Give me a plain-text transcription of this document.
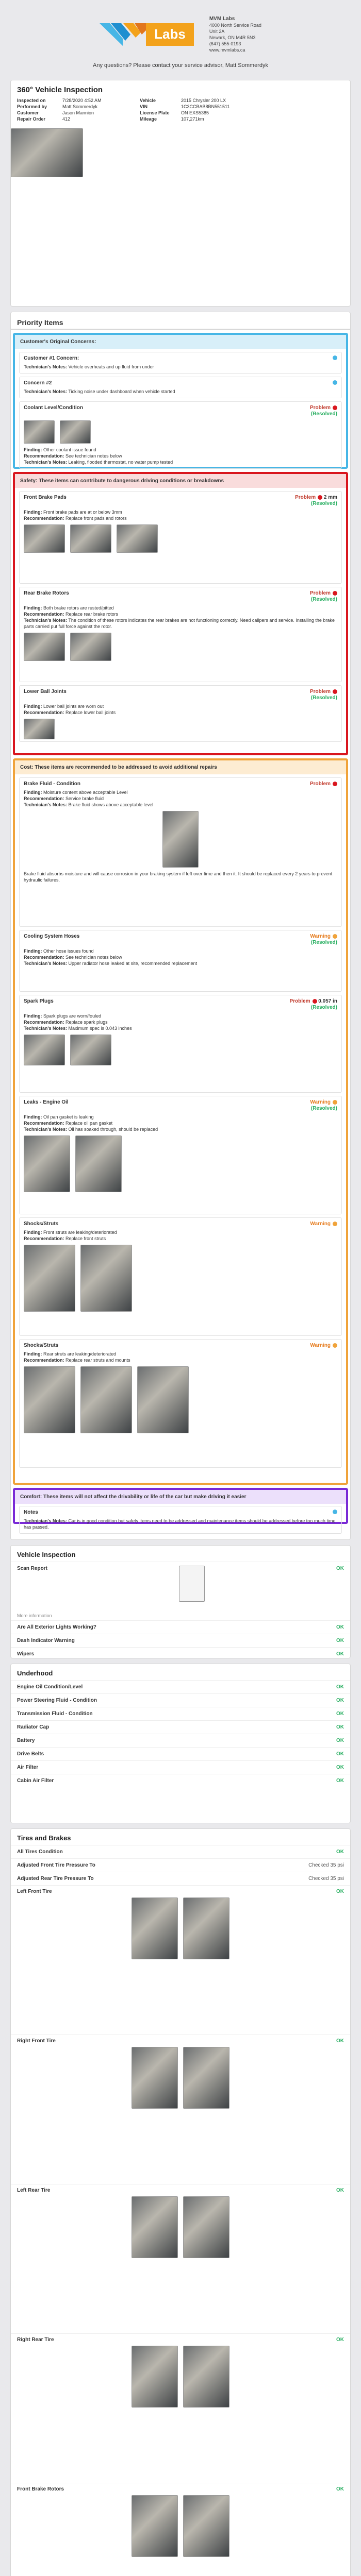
Labs
MVM Labs
4000 North Service Road
Unit 2A
Newark, ON M4R 5N3
(647) 555-0193
www.mvmlabs.ca
Any questions? Please contact your service advisor, Matt Sommerdyk
360° Vehicle Inspection
Inspected on	7/28/2020 4:52 AM	Vehicle	2015 Chrysler 200 LX
Performed by	Matt Sommerdyk	VIN	1C3CCBAB8BN551511
Customer	Jason Mannion	License Plate	ON EXS5385
Repair Order	412	Mileage	107,271km
Priority Items
Customer's Original Concerns:
Customer #1 Concern:
Technician's Notes: Vehicle overheats and up fluid from under
Concern #2
Technician's Notes: Ticking noise under dashboard when vehicle started
Coolant Level/Condition	Problem
(Resolved)
Finding: Other coolant issue found
Recommendation: See technician notes below
Technician's Notes: Leaking, flooded thermostat, no water pump tested
Safety: These items can contribute to dangerous driving conditions or breakdowns
Front Brake Pads	Problem 2 mm
(Resolved)
Finding: Front brake pads are at or below 3mm
Recommendation: Replace front pads and rotors
Rear Brake Rotors	Problem
(Resolved)
Finding: Both brake rotors are rusted/pitted
Recommendation: Replace rear brake rotors
Technician's Notes: The condition of these rotors indicates the rear brakes are not functioning correctly. Need calipers and service. Installing the brake parts carried put full force against the rotor.
Lower Ball Joints	Problem
(Resolved)
Finding: Lower ball joints are worn out
Recommendation: Replace lower ball joints
Cost: These items are recommended to be addressed to avoid additional repairs
Brake Fluid - Condition	Problem
Finding: Moisture content above acceptable Level
Recommendation: Service brake fluid
Technician's Notes: Brake fluid shows above acceptable level
Brake fluid absorbs moisture and will cause corrosion in your braking system if left over time and then it. It should be replaced every 2 years to prevent hydraulic failures.
Cooling System Hoses	Warning
(Resolved)
Finding: Other hose issues found
Recommendation: See technician notes below
Technician's Notes: Upper radiator hose leaked at site, recommended replacement
Spark Plugs	Problem 0.057 in
(Resolved)
Finding: Spark plugs are worn/fouled
Recommendation: Replace spark plugs
Technician's Notes: Maximum spec is 0.043 inches
Leaks - Engine Oil	Warning
(Resolved)
Finding: Oil pan gasket is leaking
Recommendation: Replace oil pan gasket
Technician's Notes: Oil has soaked through, should be replaced
Shocks/Struts	Warning
Finding: Front struts are leaking/deteriorated
Recommendation: Replace front struts
Shocks/Struts	Warning
Finding: Rear struts are leaking/deteriorated
Recommendation: Replace rear struts and mounts
Comfort: These items will not affect the drivability or life of the car but make driving it easier
Notes
Technician's Notes: Car is in good condition but safety items need to be addressed and maintenance items should be addressed before too much time has passed.
Vehicle Inspection
Scan Report	OK
More information
Are All Exterior Lights Working?	OK
Dash Indicator Warning	OK
Wipers	OK
Underhood
Engine Oil Condition/Level	OK
Power Steering Fluid - Condition	OK
Transmission Fluid - Condition	OK
Radiator Cap	OK
Battery	OK
Drive Belts	OK
Air Filter	OK
Cabin Air Filter	OK
Tires and Brakes
All Tires Condition	OK
Adjusted Front Tire Pressure To	Checked 35 psi
Adjusted Rear Tire Pressure To	Checked 35 psi
Left Front Tire	OK
Right Front Tire	OK
Left Rear Tire	OK
Right Rear Tire	OK
Front Brake Rotors	OK
